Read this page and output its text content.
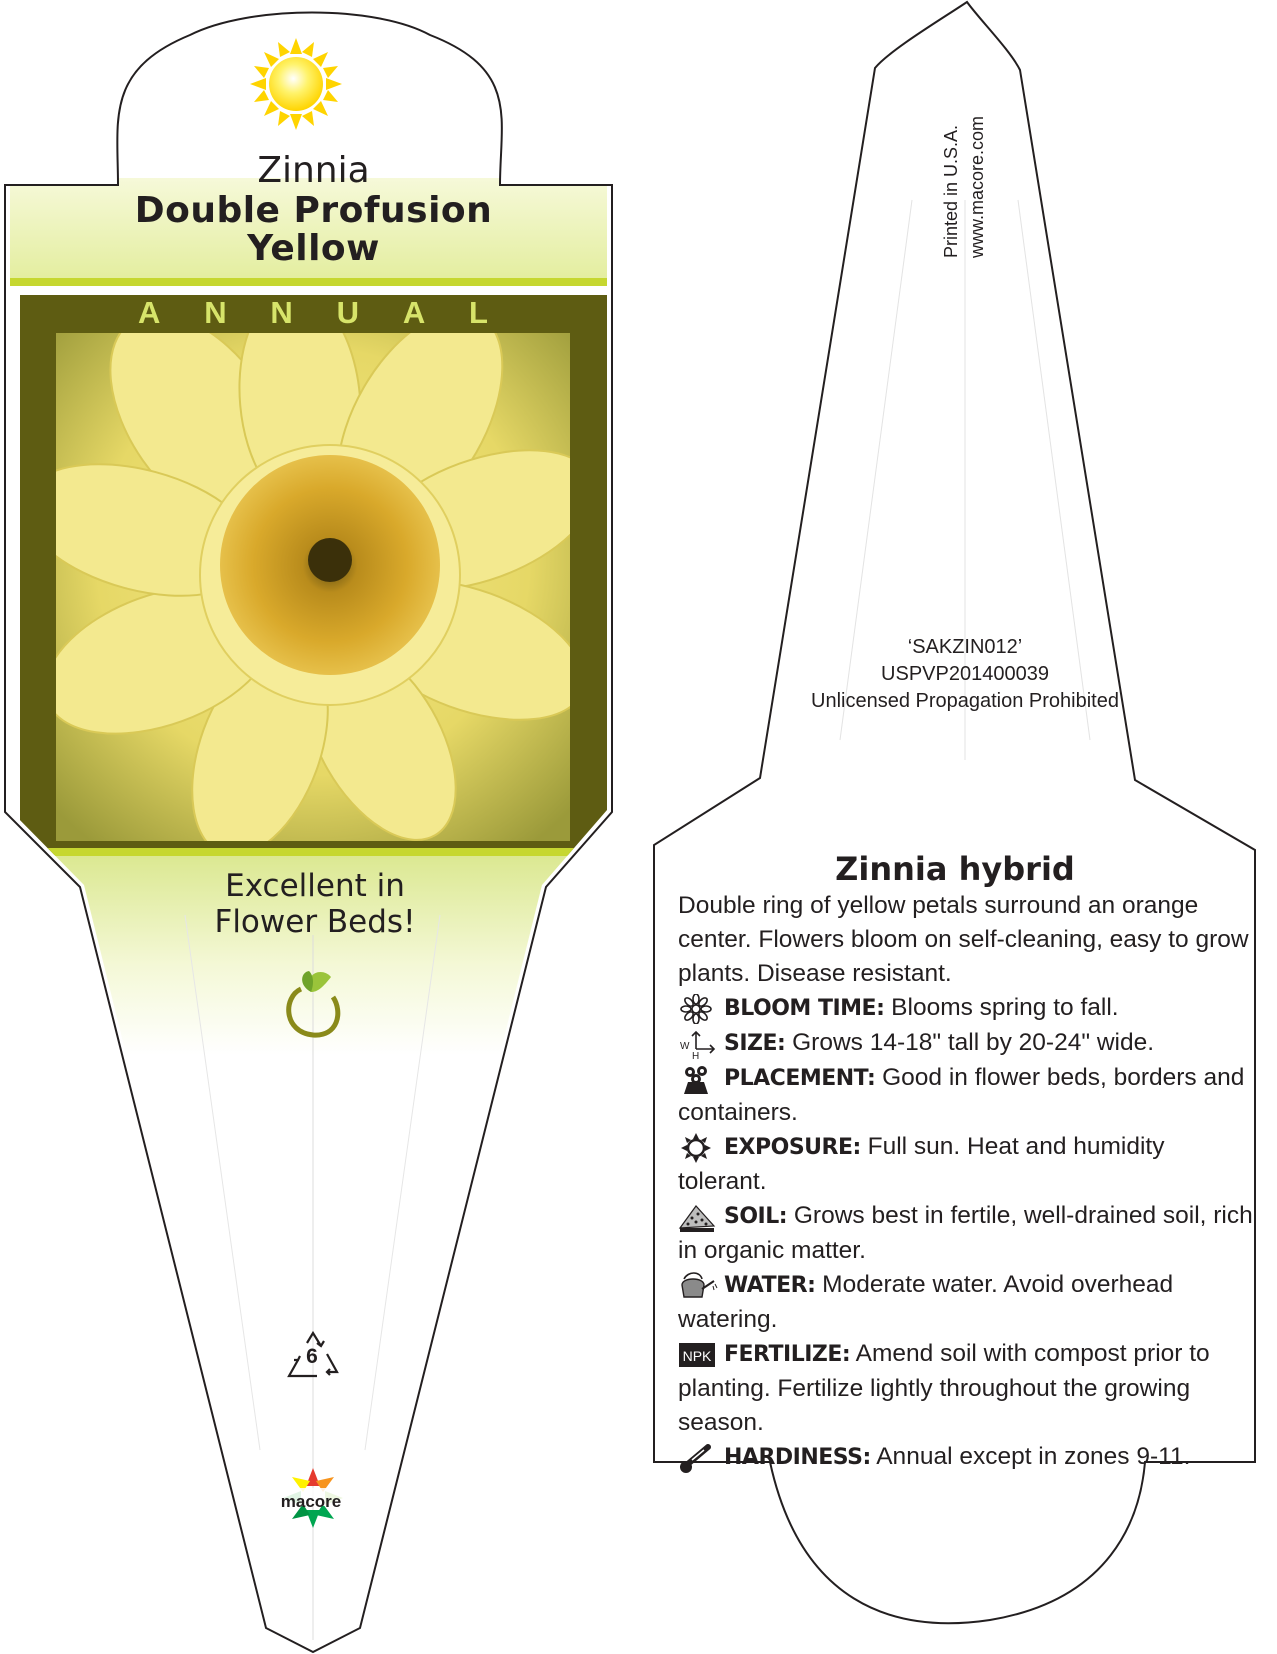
Zinnia
Double Profusion
Yellow
A N N U A L
Excellent in
Flower Beds!
6
macore
Printed in U.S.A. www.macore.com
‘SAKZIN012’
USPVP201400039
Unlicensed Propagation Prohibited
Zinnia hybrid

Double ring of yellow petals surround an orange center. Flowers bloom on self-cleaning, easy to grow plants. Disease resistant.

BLOOM TIME: Blooms spring to fall.

W
H
SIZE: Grows 14-18" tall by 20-24" wide.

PLACEMENT: Good in flower beds, borders and containers.

EXPOSURE: Full sun. Heat and humidity tolerant.

SOIL: Grows best in fertile, well-drained soil, rich in organic matter.

WATER: Moderate water. Avoid overhead watering.

NPK FERTILIZE: Amend soil with compost prior to planting. Fertilize lightly throughout the growing season.

HARDINESS: Annual except in zones 9-11.
